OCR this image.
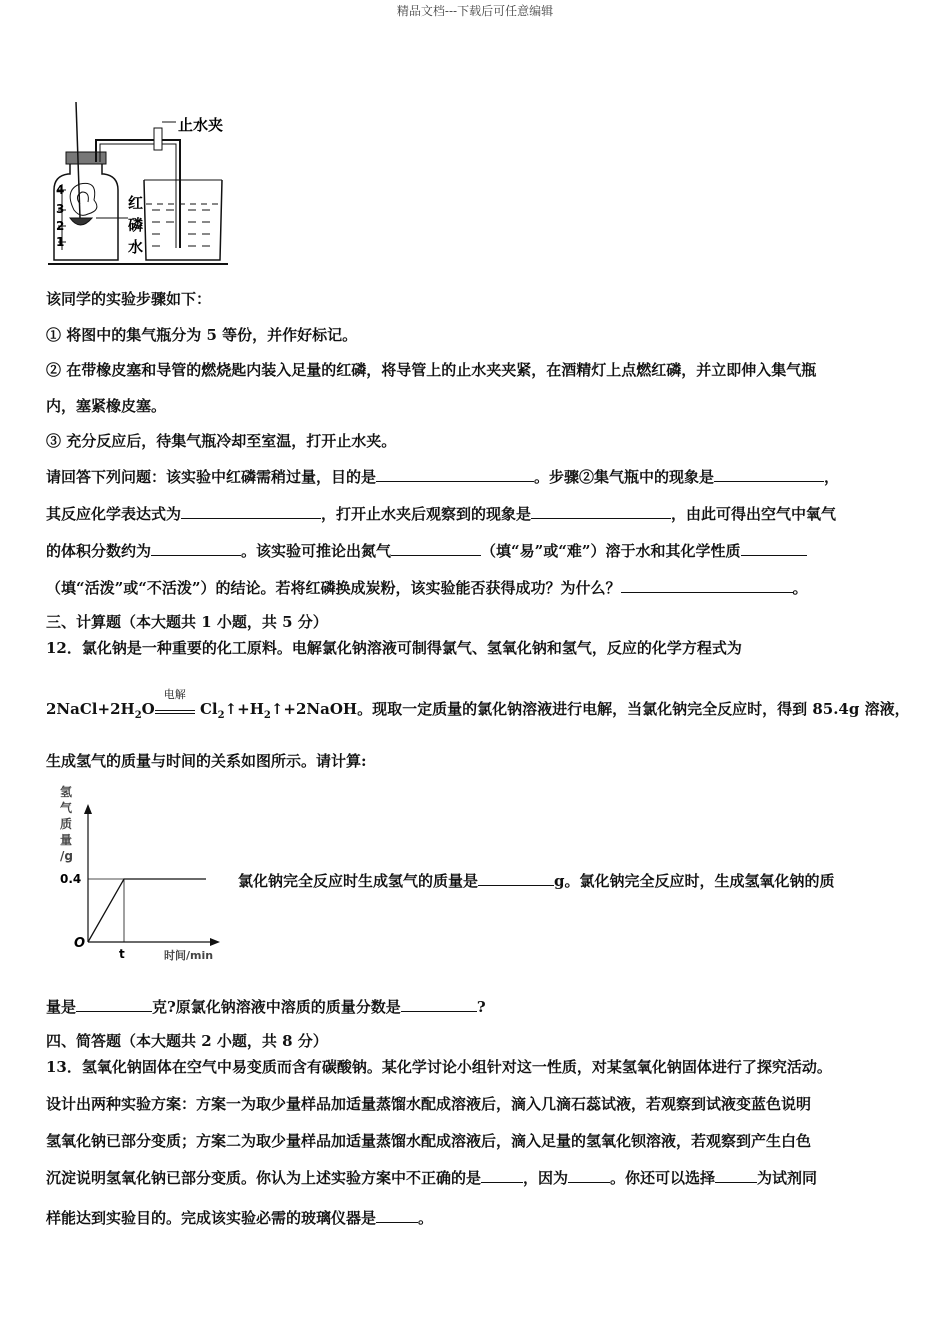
精品文档---下载后可任意编辑
4
3
2
1
止水夹
红
磷
水
该同学的实验步骤如下：
① 将图中的集气瓶分为 5 等份，并作好标记。
② 在带橡皮塞和导管的燃烧匙内装入足量的红磷，将导管上的止水夹夹紧，在酒精灯上点燃红磷，并立即伸入集气瓶
内，塞紧橡皮塞。
③ 充分反应后，待集气瓶冷却至室温，打开止水夹。
请回答下列问题：该实验中红磷需稍过量，目的是	。步骤②集气瓶中的现象是	，
其反应化学表达式为	，打开止水夹后观察到的现象是	，由此可得出空气中氧气
的体积分数约为	。该实验可推论出氮气	（填“易”或“难”）溶于水和其化学性质
（填“活泼”或“不活泼”）的结论。若将红磷换成炭粉，该实验能否获得成功？为什么？	。
三、计算题（本大题共 1 小题，共 5 分）
12．氯化钠是一种重要的化工原料。电解氯化钠溶液可制得氯气、氢氧化钠和氢气，反应的化学方程式为
$2NaCl+2H_2O$
电解
$Cl_2↑+H_2↑+2NaOH$。现取一定质量的氯化钠溶液进行电解，当氯化钠完全反应时，得到 85.4g 溶液，
生成氢气的质量与时间的关系如图所示。请计算:
氢
气
质
量
/g
O
0.4
t	时间/min
氯化钠完全反应时生成氢气的质量是	g。氯化钠完全反应时，生成氢氧化钠的质
量是	克?原氯化钠溶液中溶质的质量分数是	?
四、简答题（本大题共 2 小题，共 8 分）
13．氢氧化钠固体在空气中易变质而含有碳酸钠。某化学讨论小组针对这一性质，对某氢氧化钠固体进行了探究活动。
设计出两种实验方案：方案一为取少量样品加适量蒸馏水配成溶液后，滴入几滴石蕊试液，若观察到试液变蓝色说明
氢氧化钠已部分变质；方案二为取少量样品加适量蒸馏水配成溶液后，滴入足量的氢氧化钡溶液，若观察到产生白色
沉淀说明氢氧化钠已部分变质。你认为上述实验方案中不正确的是	，因为	。你还可以选择	为试剂同
样能达到实验目的。完成该实验必需的玻璃仪器是	。
